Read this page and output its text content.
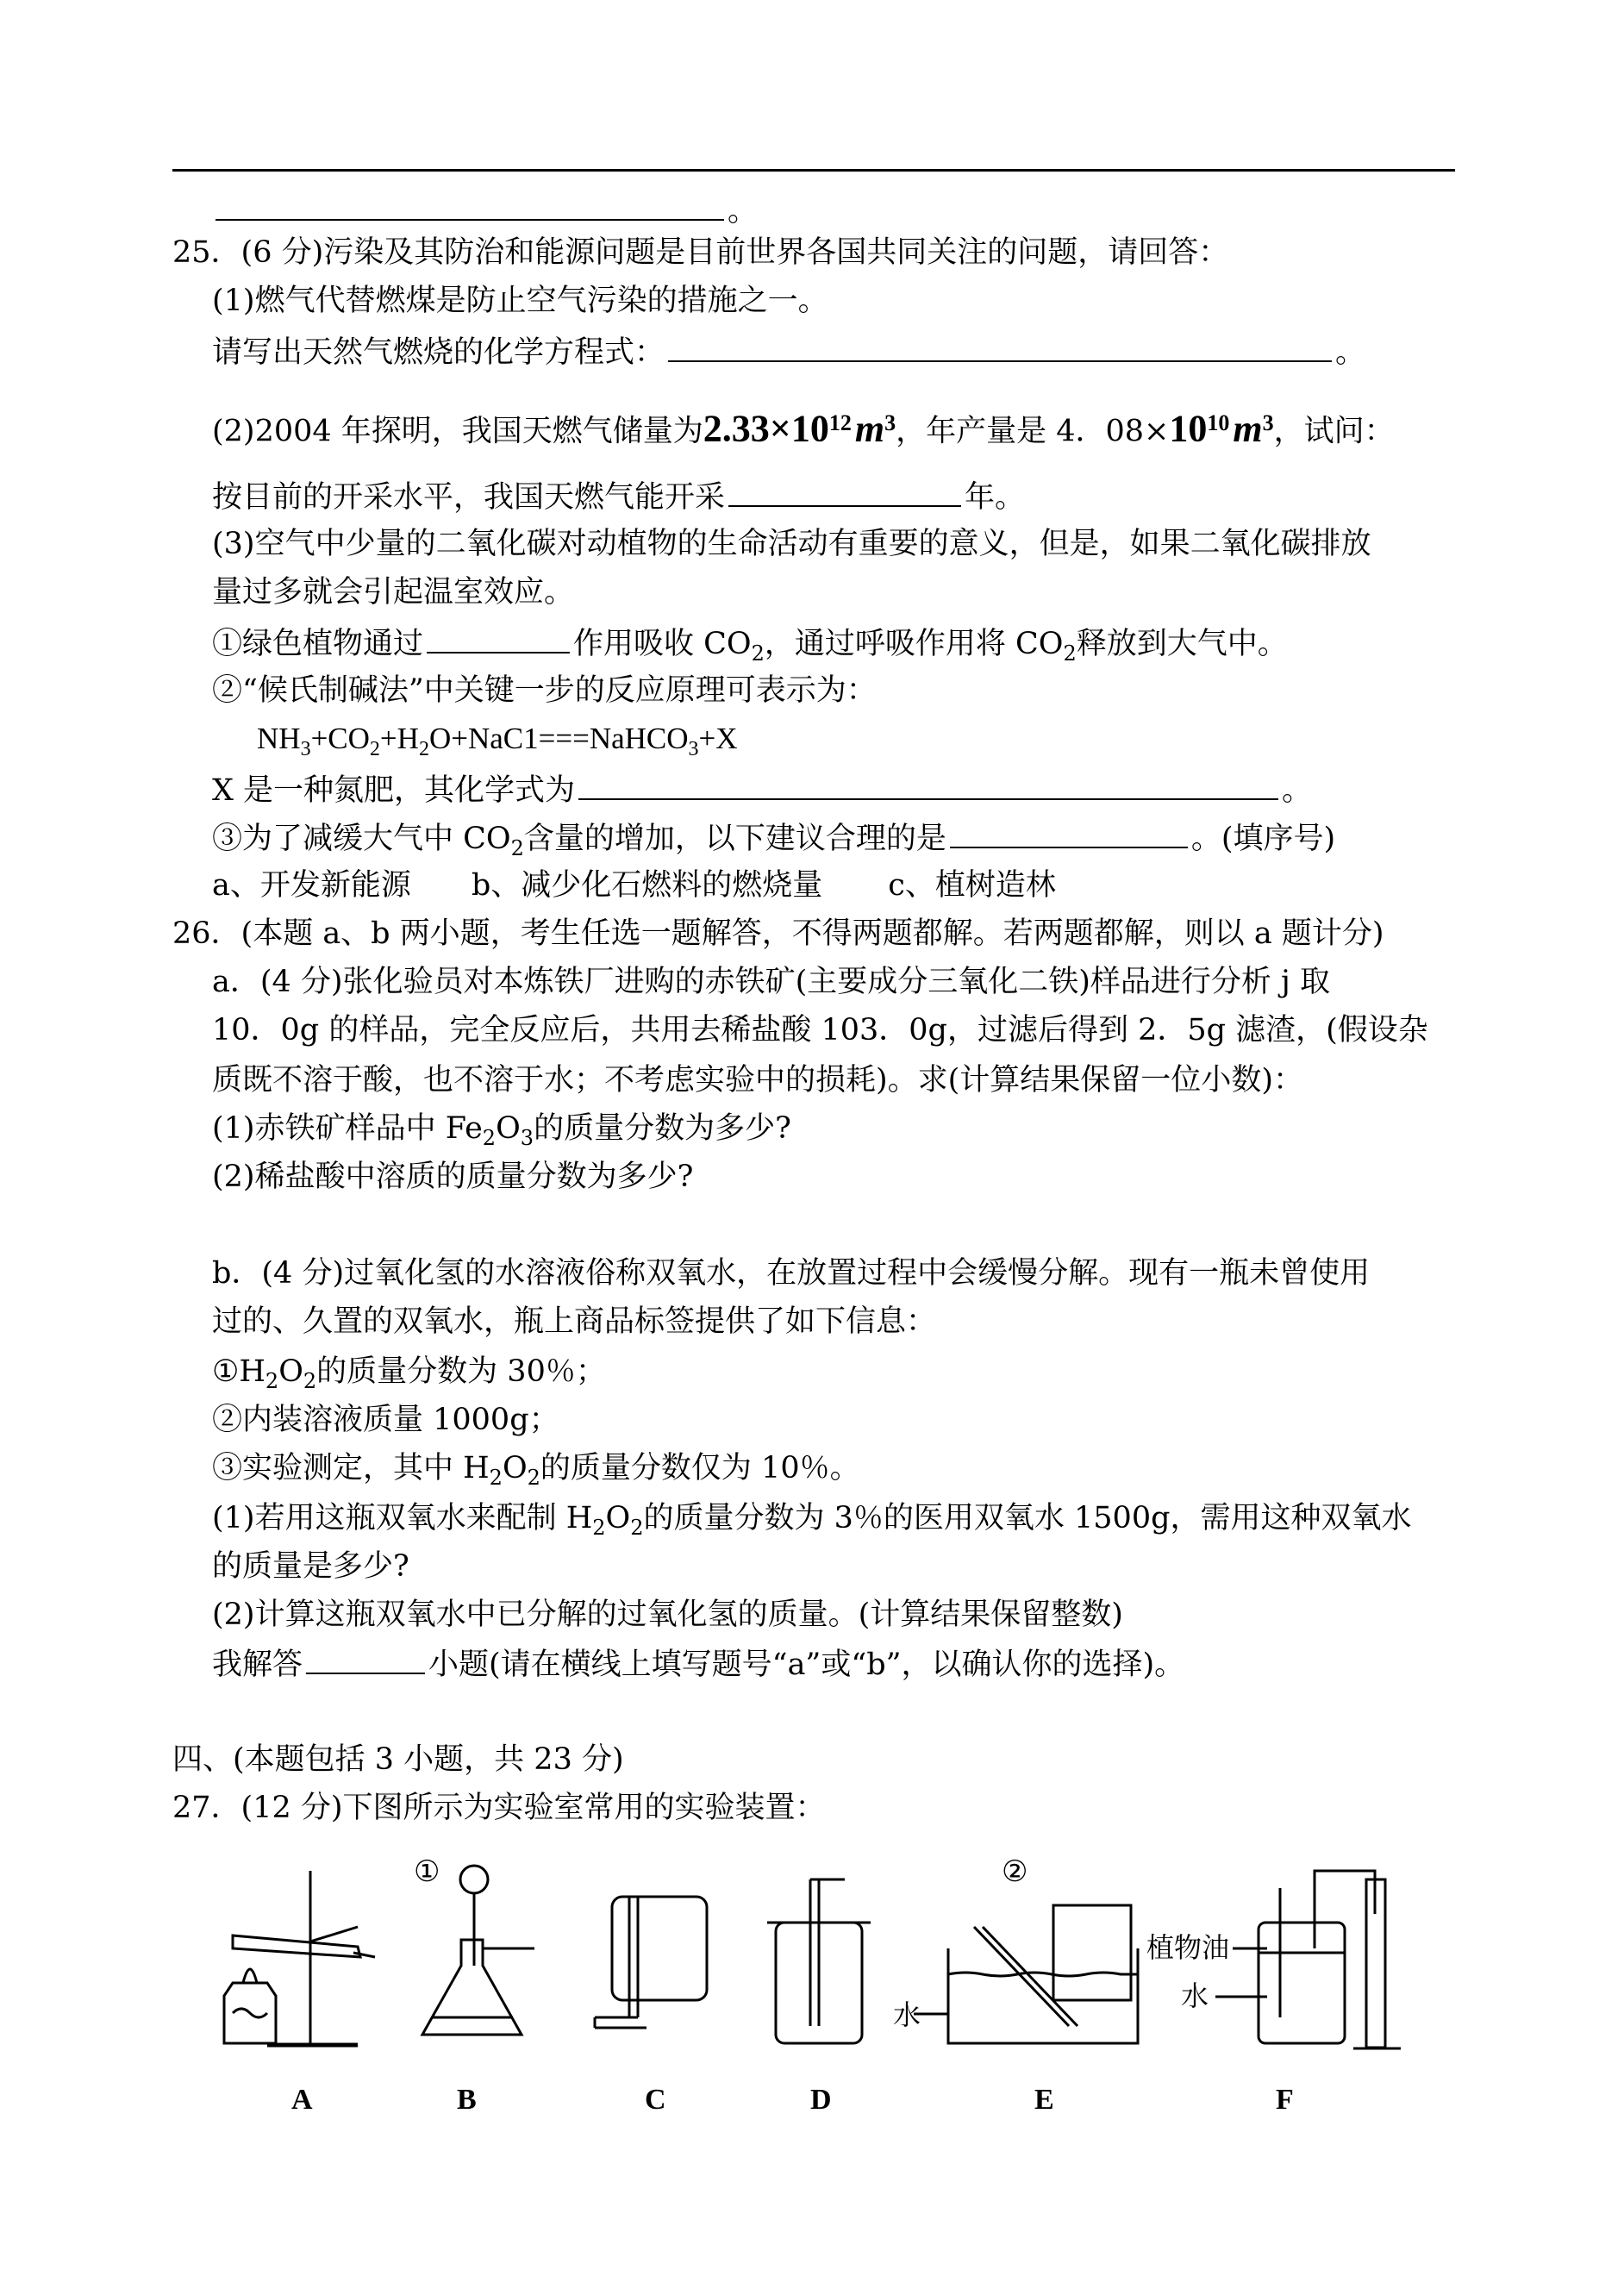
。
25．(6 分)污染及其防治和能源问题是目前世界各国共同关注的问题，请回答：
(1)燃气代替燃煤是防止空气污染的措施之一。
请写出天然气燃烧的化学方程式：	。
(2)2004 年探明，我国天燃气储量为$2.33\times 10^{12}m^3$，年产量是 4．$08\times 10^{10}m^3$，试问：
按目前的开采水平，我国天燃气能开采	年。
(3)空气中少量的二氧化碳对动植物的生命活动有重要的意义，但是，如果二氧化碳排放
量过多就会引起温室效应。
①绿色植物通过	作用吸收 $CO_2$，通过呼吸作用将 $CO_2$释放到大气中。
②“候氏制碱法”中关键一步的反应原理可表示为：
$NH_3+CO_2+H_2O+NaC1===NaHCO_3+X$
X 是一种氮肥，其化学式为	。
③为了减缓大气中 $CO_2$含量的增加，以下建议合理的是	。(填序号)
a、开发新能源 b、减少化石燃料的燃烧量 c、植树造林
26．(本题 a、b 两小题，考生任选一题解答，不得两题都解。若两题都解，则以 a 题计分)
a．(4 分)张化验员对本炼铁厂进购的赤铁矿(主要成分三氧化二铁)样品进行分析 j 取
10．0g 的样品，完全反应后，共用去稀盐酸 103．0g，过滤后得到 2．5g 滤渣，(假设杂
质既不溶于酸，也不溶于水；不考虑实验中的损耗)。求(计算结果保留一位小数)：
(1)赤铁矿样品中 $Fe_2O_3$的质量分数为多少?
(2)稀盐酸中溶质的质量分数为多少?
b．(4 分)过氧化氢的水溶液俗称双氧水，在放置过程中会缓慢分解。现有一瓶未曾使用
过的、久置的双氧水，瓶上商品标签提供了如下信息：
$①H_2O_2$的质量分数为 30％；
②内装溶液质量 1000g；
③实验测定，其中 $H_2O_2$的质量分数仅为 10％。
(1)若用这瓶双氧水来配制 $H_2O_2$的质量分数为 3％的医用双氧水 1500g，需用这种双氧水
的质量是多少?
(2)计算这瓶双氧水中已分解的过氧化氢的质量。(计算结果保留整数)
我解答	小题(请在横线上填写题号“a”或“b”，以确认你的选择)。
四、(本题包括 3 小题，共 23 分)
27．(12 分)下图所示为实验室常用的实验装置：
A
①
B	C	D
②
水
E
植物油
水
F
